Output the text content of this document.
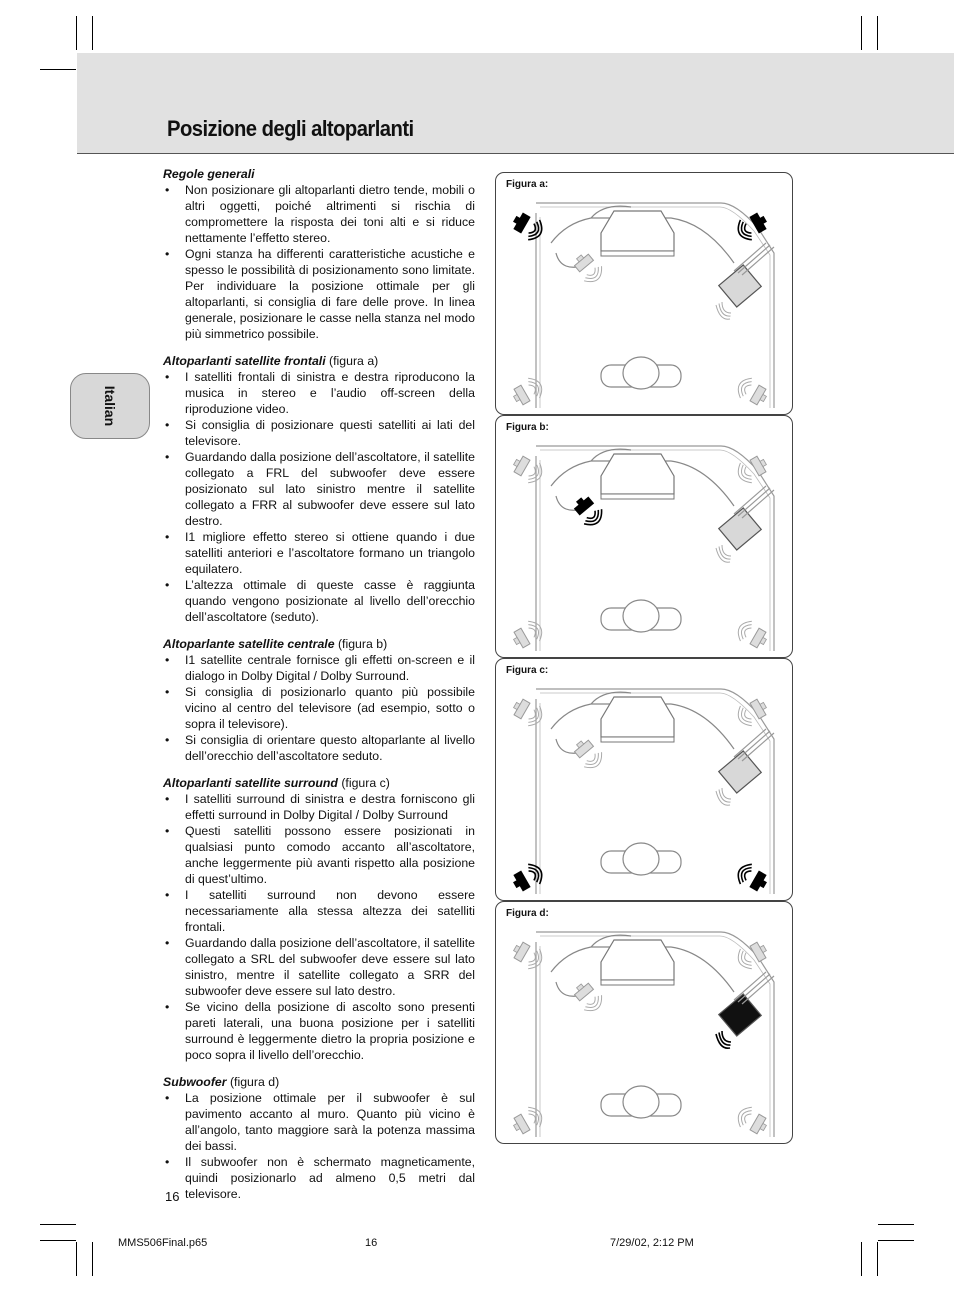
Posizione degli altoparlanti
Italian

Regole generali

• Non posizionare gli altoparlanti dietro tende, mobili o altri oggetti, poiché altrimenti si rischia di compromettere la risposta dei toni alti e si riduce nettamente l’effetto stereo.
• Ogni stanza ha differenti caratteristiche acustiche e spesso le possibilità di posizionamento sono limitate. Per individuare la posizione ottimale per gli altoparlanti, si consiglia di fare delle prove. In linea generale, posizionare le casse nella stanza nel modo più simmetrico possibile.

Altoparlanti satellite frontali (figura a)

• I satelliti frontali di sinistra e destra riproducono la musica in stereo e l’audio off-screen della riproduzione video.
• Si consiglia di posizionare questi satelliti ai lati del televisore.
• Guardando dalla posizione dell’ascoltatore, il satellite collegato a FRL del subwoofer deve essere posizionato sul lato sinistro mentre il satellite collegato a FRR al subwoofer deve essere sul lato destro.
• I1 migliore effetto stereo si ottiene quando i due satelliti anteriori e l’ascoltatore formano un triangolo equilatero.
• L’altezza ottimale di queste casse è raggiunta quando vengono posizionate al livello dell’orecchio dell’ascoltatore (seduto).

Altoparlante satellite centrale (figura b)

• I1 satellite centrale fornisce gli effetti on-screen e il dialogo in Dolby Digital / Dolby Surround.
• Si consiglia di posizionarlo quanto più possibile vicino al centro del televisore (ad esempio, sotto o sopra il televisore).
• Si consiglia di orientare questo altoparlante al livello dell’orecchio dell’ascoltatore seduto.

Altoparlanti satellite surround (figura c)

• I satelliti surround di sinistra e destra forniscono gli effetti surround in Dolby Digital / Dolby Surround
• Questi satelliti possono essere posizionati in qualsiasi punto comodo accanto all’ascoltatore, anche leggermente più avanti rispetto alla posizione di quest’ultimo.
• I satelliti surround non devono essere necessariamente alla stessa altezza dei satelliti frontali.
• Guardando dalla posizione dell’ascoltatore, il satellite collegato a SRL del subwoofer deve essere sul lato sinistro, mentre il satellite collegato a SRR del subwoofer deve essere sul lato destro.
• Se vicino della posizione di ascolto sono presenti pareti laterali, una buona posizione per i satelliti surround è leggermente dietro la propria posizione e poco sopra il livello dell’orecchio.

Subwoofer (figura d)

• La posizione ottimale per il subwoofer è sul pavimento accanto al muro. Quanto più vicino è all’angolo, tanto maggiore sarà la potenza massima dei bassi.
• Il subwoofer non è schermato magneticamente, quindi posizionarlo ad almeno 0,5 metri dal televisore.
Figura a:
Figura b:
Figura c:
Figura d:
16
MMS506Final.p65	16	7/29/02, 2:12 PM
